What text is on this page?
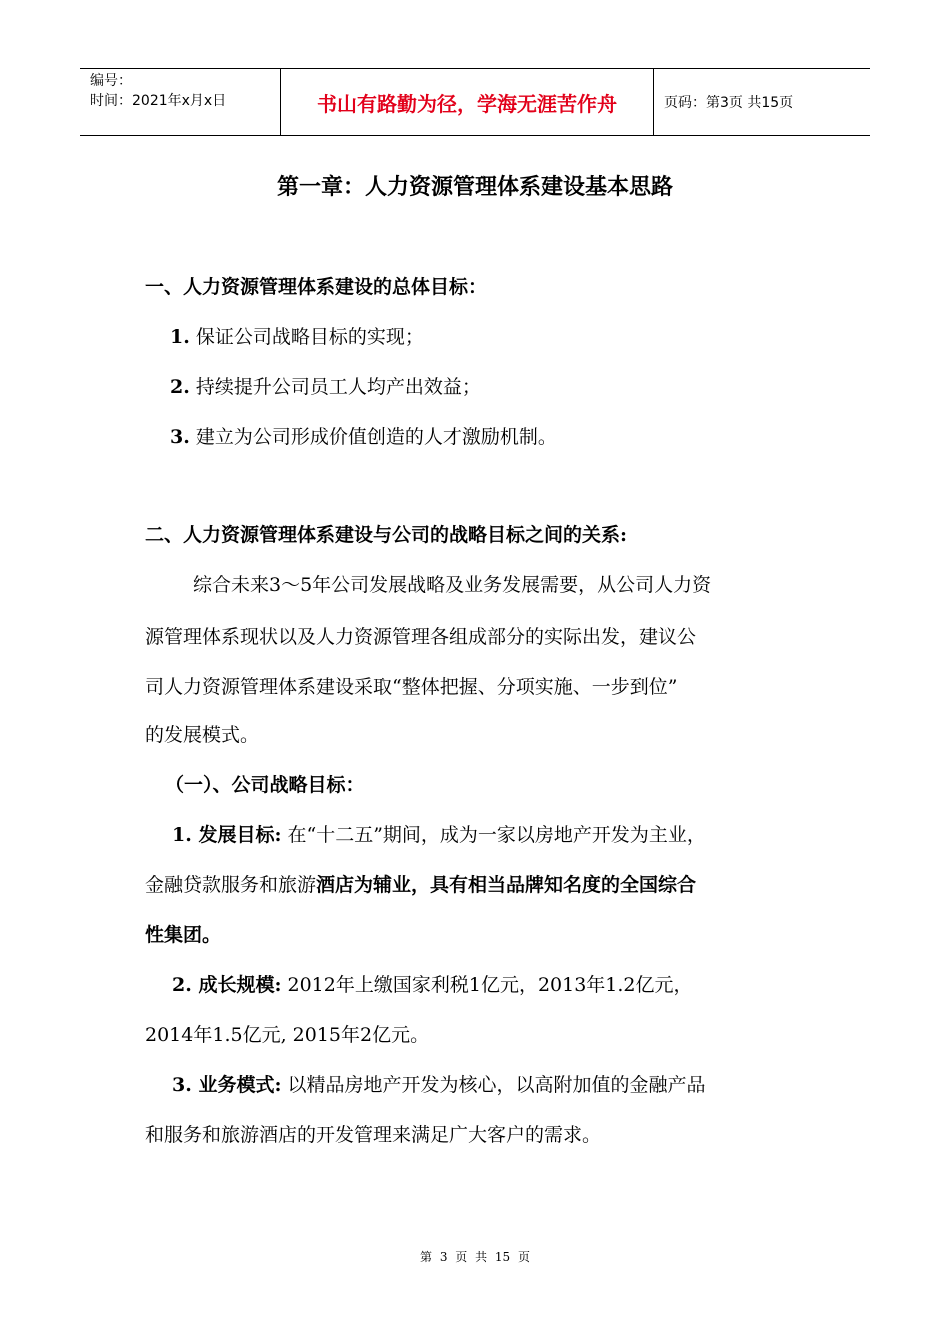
编号：
时间：2021年x月x日	书山有路勤为径，学海无涯苦作舟	页码：第3页 共15页
第一章：人力资源管理体系建设基本思路
一、人力资源管理体系建设的总体目标：
1. 保证公司战略目标的实现；
2. 持续提升公司员工人均产出效益；
3. 建立为公司形成价值创造的人才激励机制。
二、人力资源管理体系建设与公司的战略目标之间的关系:
综合未来3～5年公司发展战略及业务发展需要，从公司人力资
源管理体系现状以及人力资源管理各组成部分的实际出发，建议公
司人力资源管理体系建设采取“整体把握、分项实施、一步到位”
的发展模式。
（一）、公司战略目标：
1. 发展目标: 在“十二五”期间，成为一家以房地产开发为主业，
金融贷款服务和旅游酒店为辅业，具有相当品牌知名度的全国综合
性集团。
2. 成长规模: 2012年上缴国家利税1亿元，2013年1.2亿元，
2014年1.5亿元, 2015年2亿元。
3. 业务模式: 以精品房地产开发为核心，以高附加值的金融产品
和服务和旅游酒店的开发管理来满足广大客户的需求。
第 3 页 共 15 页
